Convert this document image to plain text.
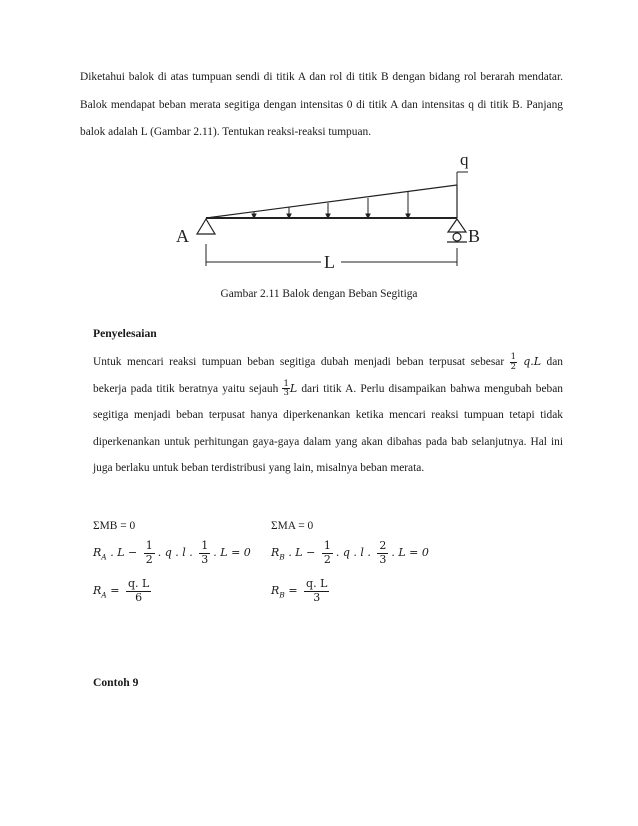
Diketahui balok di atas tumpuan sendi di titik A dan rol di titik B dengan bidang rol berarah mendatar. Balok mendapat beban merata segitiga dengan intensitas 0 di titik A dan intensitas q di titik B. Panjang balok adalah L (Gambar 2.11). Tentukan reaksi-reaksi tumpuan.

A	B
q
L
Gambar 2.11 Balok dengan Beban Segitiga
Penyelesaian

Untuk mencari reaksi tumpuan beban segitiga dubah menjadi beban terpusat sebesar $\frac{1}{2} q.L$ dan bekerja pada titik beratnya yaitu sejauh $\frac{1}{3}$ L dari titik A. Perlu disampaikan bahwa mengubah beban segitiga menjadi beban terpusat hanya diperkenankan ketika mencari reaksi tumpuan tetapi tidak diperkenankan untuk perhitungan gaya-gaya dalam yang akan dibahas pada bab selanjutnya. Hal ini juga berlaku untuk beban terdistribusi yang lain, misalnya beban merata.

ΣMB = 0	ΣMA = 0
$R_A$ . $L - \frac{1}{2}$ . q . l . $\frac{1}{3}$ . L = 0 $R_B$ . $L - \frac{1}{2}$ . q . l . $\frac{2}{3}$ . L = 0
$R_A = \frac{q. L}{6}$	$R_B = \frac{q. L}{3}$
Contoh 9
